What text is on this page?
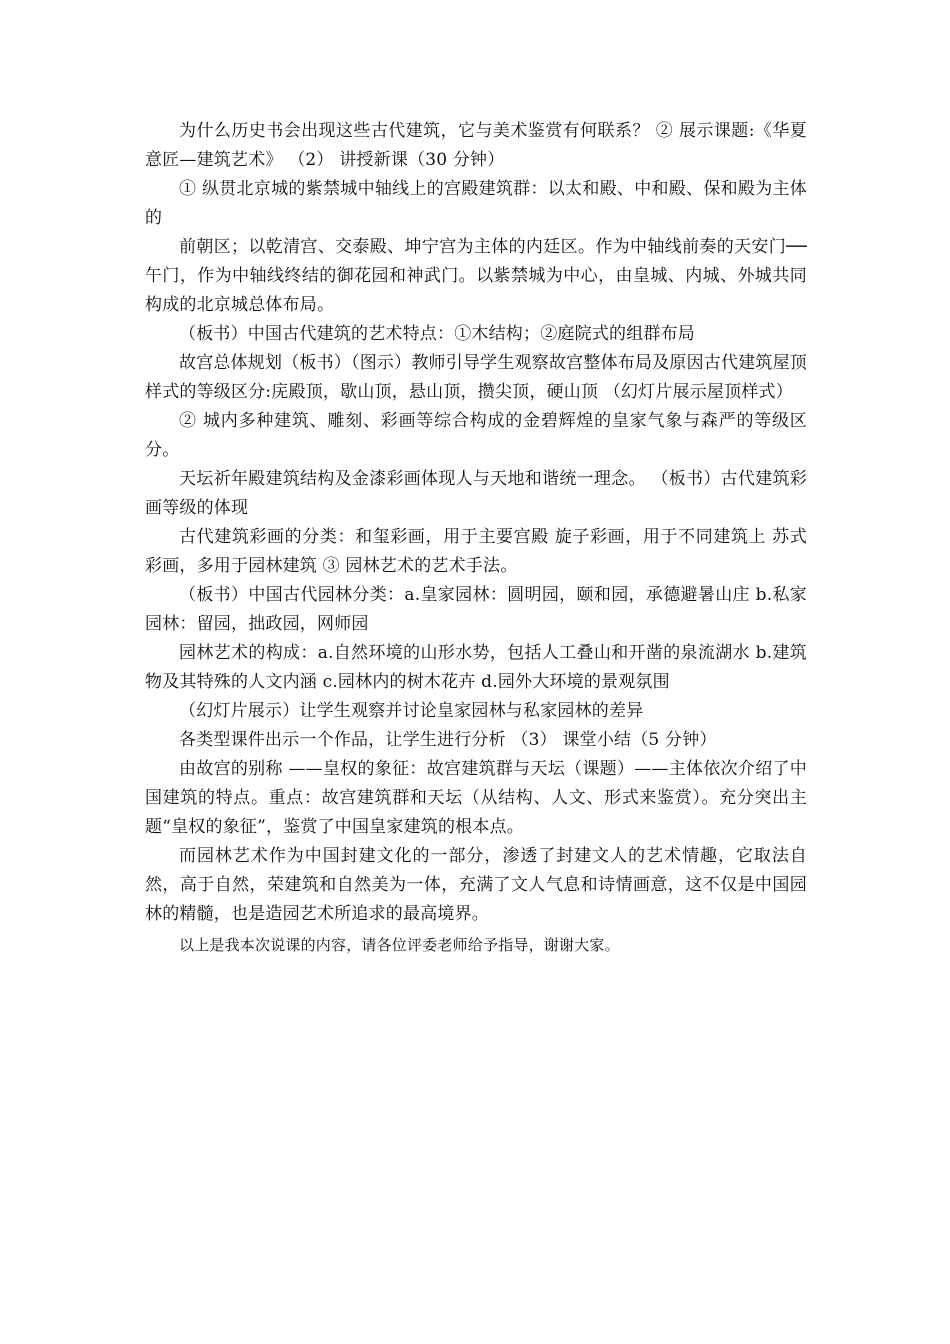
为什么历史书会出现这些古代建筑，它与美术鉴赏有何联系？ ② 展示课题:《华夏意匠—建筑艺术》 （2） 讲授新课（30 分钟）

① 纵贯北京城的紫禁城中轴线上的宫殿建筑群：以太和殿、中和殿、保和殿为主体的

前朝区；以乾清宫、交泰殿、坤宁宫为主体的内廷区。作为中轴线前奏的天安门──午门，作为中轴线终结的御花园和神武门。以紫禁城为中心，由皇城、内城、外城共同构成的北京城总体布局。

（板书）中国古代建筑的艺术特点：①木结构；②庭院式的组群布局

故宫总体规划（板书）（图示）教师引导学生观察故宫整体布局及原因古代建筑屋顶样式的等级区分:庑殿顶，歇山顶，悬山顶，攒尖顶，硬山顶 （幻灯片展示屋顶样式）

② 城内多种建筑、雕刻、彩画等综合构成的金碧辉煌的皇家气象与森严的等级区分。

天坛祈年殿建筑结构及金漆彩画体现人与天地和谐统一理念。 （板书）古代建筑彩画等级的体现

古代建筑彩画的分类：和玺彩画，用于主要宫殿 旋子彩画，用于不同建筑上 苏式彩画，多用于园林建筑 ③ 园林艺术的艺术手法。

（板书）中国古代园林分类：a.皇家园林：圆明园，颐和园，承德避暑山庄 b.私家园林：留园，拙政园，网师园

园林艺术的构成：a.自然环境的山形水势，包括人工叠山和开凿的泉流湖水 b.建筑物及其特殊的人文内涵 c.园林内的树木花卉 d.园外大环境的景观氛围

（幻灯片展示）让学生观察并讨论皇家园林与私家园林的差异

各类型课件出示一个作品，让学生进行分析 （3） 课堂小结（5 分钟）

由故宫的别称 ——皇权的象征：故宫建筑群与天坛（课题）——主体依次介绍了中国建筑的特点。重点：故宫建筑群和天坛（从结构、人文、形式来鉴赏）。充分突出主题“皇权的象征”，鉴赏了中国皇家建筑的根本点。

而园林艺术作为中国封建文化的一部分，渗透了封建文人的艺术情趣，它取法自然，高于自然，荣建筑和自然美为一体，充满了文人气息和诗情画意，这不仅是中国园林的精髓，也是造园艺术所追求的最高境界。

以上是我本次说课的内容，请各位评委老师给予指导，谢谢大家。
